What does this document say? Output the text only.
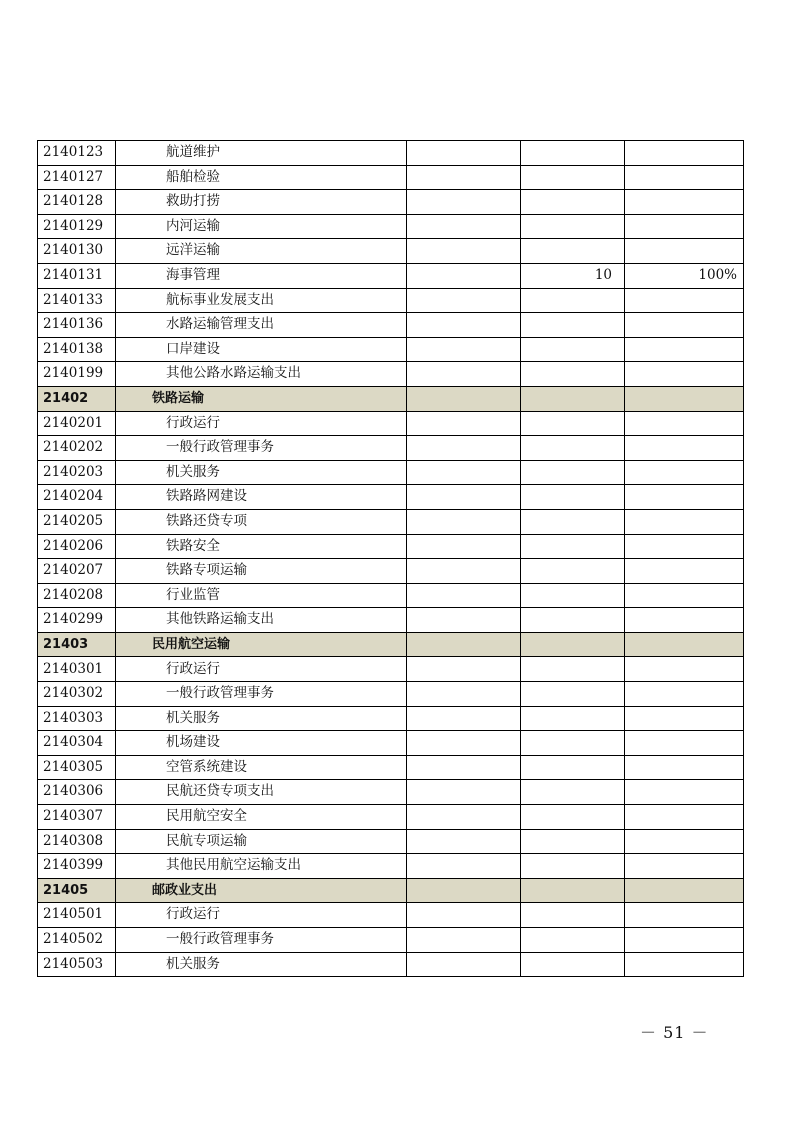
2140123	航道维护			
2140127	船舶检验			
2140128	救助打捞			
2140129	内河运输			
2140130	远洋运输			
2140131	海事管理		10	100%
2140133	航标事业发展支出			
2140136	水路运输管理支出			
2140138	口岸建设			
2140199	其他公路水路运输支出			
21402	铁路运输			
2140201	行政运行			
2140202	一般行政管理事务			
2140203	机关服务			
2140204	铁路路网建设			
2140205	铁路还贷专项			
2140206	铁路安全			
2140207	铁路专项运输			
2140208	行业监管			
2140299	其他铁路运输支出			
21403	民用航空运输			
2140301	行政运行			
2140302	一般行政管理事务			
2140303	机关服务			
2140304	机场建设			
2140305	空管系统建设			
2140306	民航还贷专项支出			
2140307	民用航空安全			
2140308	民航专项运输			
2140399	其他民用航空运输支出			
21405	邮政业支出			
2140501	行政运行			
2140502	一般行政管理事务			
2140503	机关服务			
－ 51 －
